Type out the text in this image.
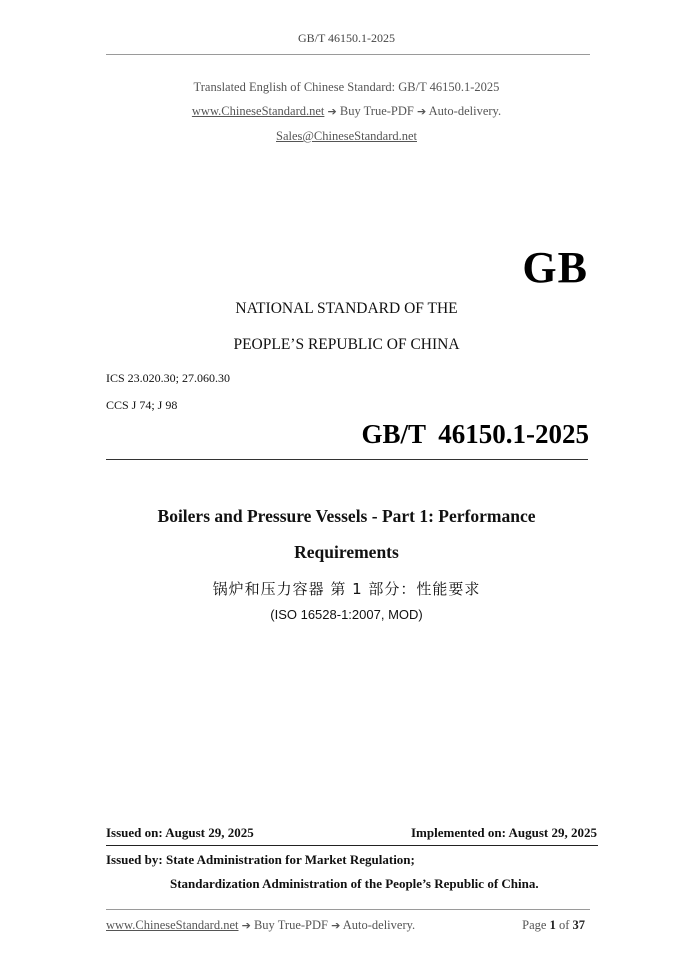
GB/T 46150.1-2025
Translated English of Chinese Standard: GB/T 46150.1-2025
www.ChineseStandard.net ➔ Buy True-PDF ➔ Auto-delivery.
Sales@ChineseStandard.net
GB
NATIONAL STANDARD OF THE
PEOPLE’S REPUBLIC OF CHINA
ICS 23.020.30; 27.060.30
CCS J 74; J 98
GB/T 46150.1-2025
Boilers and Pressure Vessels - Part 1: Performance
Requirements
锅炉和压力容器 第 1 部分：性能要求
(ISO 16528-1:2007, MOD)
Issued on: August 29, 2025	Implemented on: August 29, 2025
Issued by: State Administration for Market Regulation;
Standardization Administration of the People’s Republic of China.
www.ChineseStandard.net ➔ Buy True-PDF ➔ Auto-delivery.	Page 1 of 37
